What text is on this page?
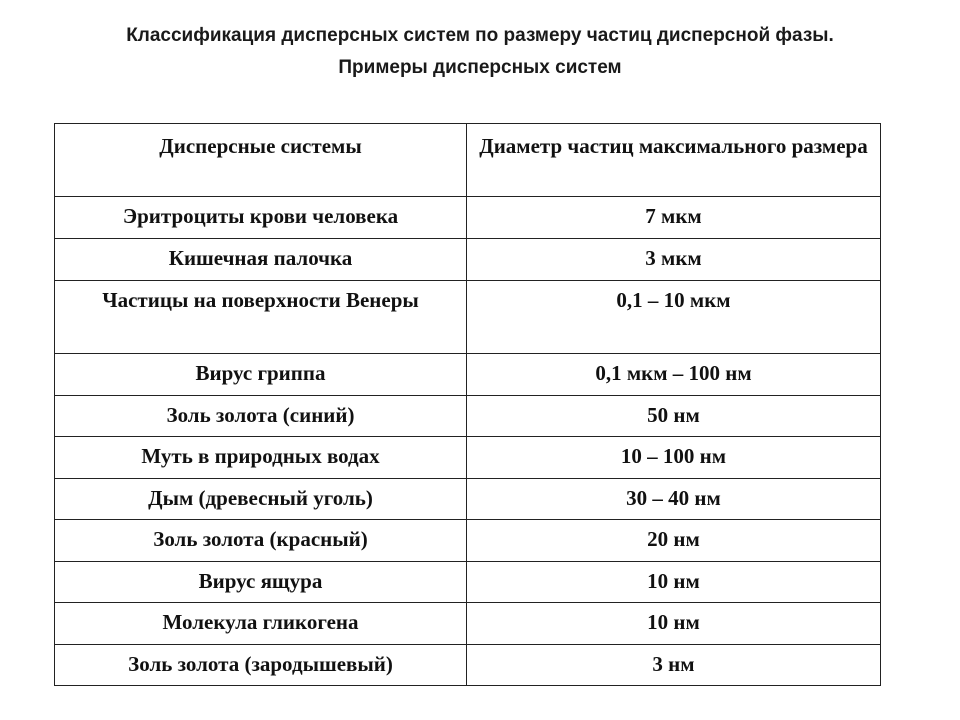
Классификация дисперсных систем по размеру частиц дисперсной фазы.
Примеры дисперсных систем
Дисперсные системы	Диаметр частиц максимального размера
Эритроциты крови человека	7 мкм
Кишечная палочка	3 мкм
Частицы на поверхности Венеры	0,1 – 10 мкм
Вирус гриппа	0,1 мкм – 100 нм
Золь золота (синий)	50 нм
Муть в природных водах	10 – 100 нм
Дым (древесный уголь)	30 – 40 нм
Золь золота (красный)	20 нм
Вирус ящура	10 нм
Молекула гликогена	10 нм
Золь золота (зародышевый)	3 нм
